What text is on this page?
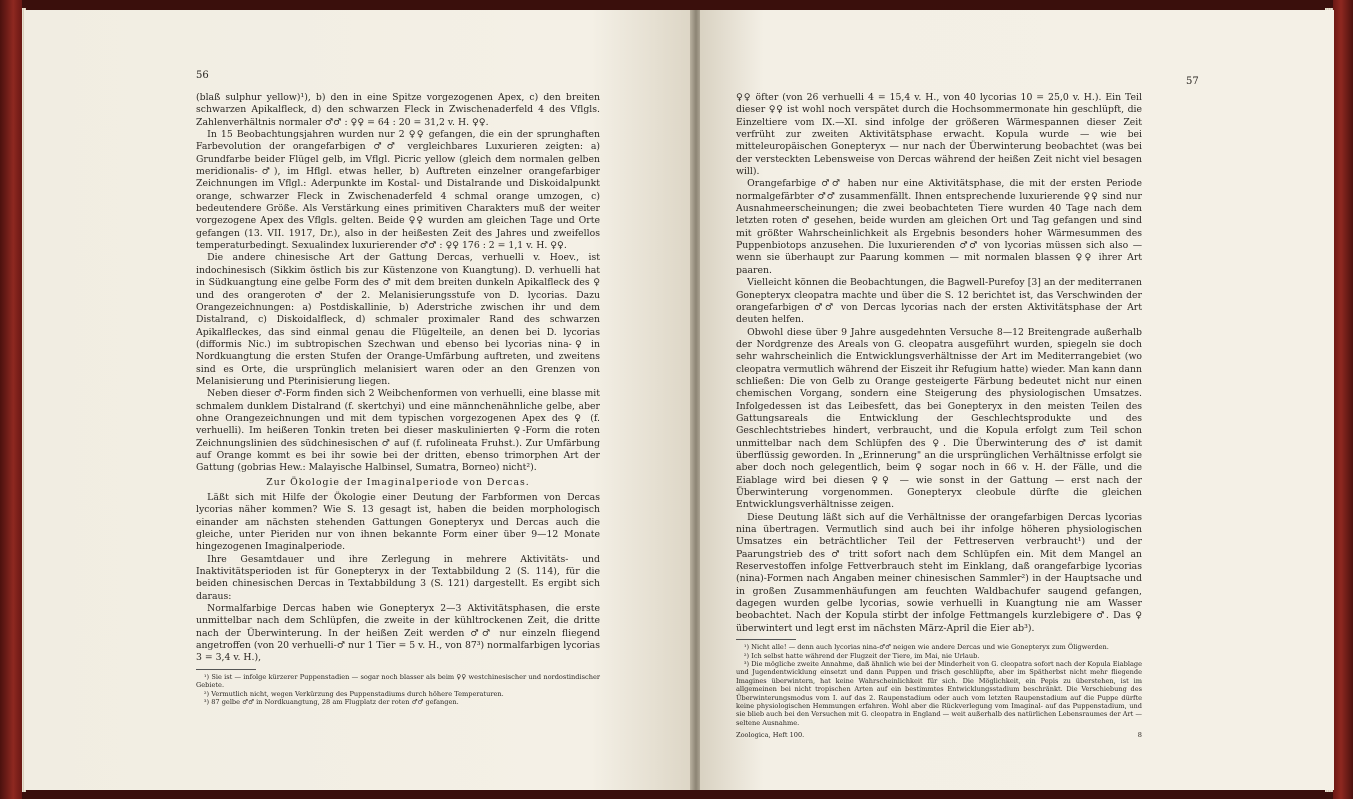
56

(blaß sulphur yellow)¹), b) den in eine Spitze vorgezogenen Apex, c) den breiten schwarzen Apikalfleck, d) den schwarzen Fleck in Zwischenaderfeld 4 des Vflgls. Zahlenverhältnis normaler ♂♂ : ♀♀ = 64 : 20 = 31,2 v. H. ♀♀.

In 15 Beobachtungsjahren wurden nur 2 ♀♀ gefangen, die ein der sprunghaften Farbevolution der orangefarbigen ♂♂ vergleichbares Luxurieren zeigten: a) Grundfarbe beider Flügel gelb, im Vflgl. Picric yellow (gleich dem normalen gelben meridionalis-♂), im Hflgl. etwas heller, b) Auftreten einzelner orangefarbiger Zeichnungen im Vflgl.: Aderpunkte im Kostal- und Distalrande und Diskoidalpunkt orange, schwarzer Fleck in Zwischenaderfeld 4 schmal orange umzogen, c) bedeutendere Größe. Als Verstärkung eines primitiven Charakters muß der weiter vorgezogene Apex des Vflgls. gelten. Beide ♀♀ wurden am gleichen Tage und Orte gefangen (13. VII. 1917, Dr.), also in der heißesten Zeit des Jahres und zweifellos temperaturbedingt. Sexualindex luxurierender ♂♂ : ♀♀ 176 : 2 = 1,1 v. H. ♀♀.

Die andere chinesische Art der Gattung Dercas, verhuelli v. Hoev., ist indochinesisch (Sikkim östlich bis zur Küstenzone von Kuangtung). D. verhuelli hat in Südkuangtung eine gelbe Form des ♂ mit dem breiten dunkeln Apikalfleck des ♀ und des orangeroten ♂ der 2. Melanisierungsstufe von D. lycorias. Dazu Orangezeichnungen: a) Postdiskallinie, b) Aderstriche zwischen ihr und dem Distalrand, c) Diskoidalfleck, d) schmaler proximaler Rand des schwarzen Apikalfleckes, das sind einmal genau die Flügelteile, an denen bei D. lycorias (difformis Nic.) im subtropischen Szechwan und ebenso bei lycorias nina-♀ in Nordkuangtung die ersten Stufen der Orange-Umfärbung auftreten, und zweitens sind es Orte, die ursprünglich melanisiert waren oder an den Grenzen von Melanisierung und Pterinisierung liegen.

Neben dieser ♂-Form finden sich 2 Weibchenformen von verhuelli, eine blasse mit schmalem dunklem Distalrand (f. skertchyi) und eine männchenähnliche gelbe, aber ohne Orangezeichnungen und mit dem typischen vorgezogenen Apex des ♀ (f. verhuelli). Im heißeren Tonkin treten bei dieser maskulinierten ♀-Form die roten Zeichnungslinien des südchinesischen ♂ auf (f. rufolineata Fruhst.). Zur Umfärbung auf Orange kommt es bei ihr sowie bei der dritten, ebenso trimorphen Art der Gattung (gobrias Hew.: Malayische Halbinsel, Sumatra, Borneo) nicht²).

Zur Ökologie der Imaginalperiode von Dercas.

Läßt sich mit Hilfe der Ökologie einer Deutung der Farbformen von Dercas lycorias näher kommen? Wie S. 13 gesagt ist, haben die beiden morphologisch einander am nächsten stehenden Gattungen Gonepteryx und Dercas auch die gleiche, unter Pieriden nur von ihnen bekannte Form einer über 9—12 Monate hingezogenen Imaginalperiode.

Ihre Gesamtdauer und ihre Zerlegung in mehrere Aktivitäts- und Inaktivitätsperioden ist für Gonepteryx in der Textabbildung 2 (S. 114), für die beiden chinesischen Dercas in Textabbildung 3 (S. 121) dargestellt. Es ergibt sich daraus:

Normalfarbige Dercas haben wie Gonepteryx 2—3 Aktivitätsphasen, die erste unmittelbar nach dem Schlüpfen, die zweite in der kühltrockenen Zeit, die dritte nach der Überwinterung. In der heißen Zeit werden ♂♂ nur einzeln fliegend angetroffen (von 20 verhuelli-♂ nur 1 Tier = 5 v. H., von 87³) normalfarbigen lycorias 3 = 3,4 v. H.),

¹) Sie ist — infolge kürzerer Puppenstadien — sogar noch blasser als beim ♀♀ westchinesischer und nordostindischer Gebiete.

²) Vermutlich nicht, wegen Verkürzung des Puppenstadiums durch höhere Temperaturen.

³) 87 gelbe ♂♂ in Nordkuangtung, 28 am Flugplatz der roten ♂♂ gefangen.

57

♀♀ öfter (von 26 verhuelli 4 = 15,4 v. H., von 40 lycorias 10 = 25,0 v. H.). Ein Teil dieser ♀♀ ist wohl noch verspätet durch die Hochsommermonate hin geschlüpft, die Einzeltiere vom IX.—XI. sind infolge der größeren Wärmespannen dieser Zeit verfrüht zur zweiten Aktivitätsphase erwacht. Kopula wurde — wie bei mitteleuropäischen Gonepteryx — nur nach der Überwinterung beobachtet (was bei der versteckten Lebensweise von Dercas während der heißen Zeit nicht viel besagen will).

Orangefarbige ♂♂ haben nur eine Aktivitätsphase, die mit der ersten Periode normalgefärbter ♂♂ zusammenfällt. Ihnen entsprechende luxurierende ♀♀ sind nur Ausnahmeerscheinungen; die zwei beobachteten Tiere wurden 40 Tage nach dem letzten roten ♂ gesehen, beide wurden am gleichen Ort und Tag gefangen und sind mit größter Wahrscheinlichkeit als Ergebnis besonders hoher Wärmesummen des Puppenbiotops anzusehen. Die luxurierenden ♂♂ von lycorias müssen sich also — wenn sie überhaupt zur Paarung kommen — mit normalen blassen ♀♀ ihrer Art paaren.

Vielleicht können die Beobachtungen, die Bagwell-Purefoy [3] an der mediterranen Gonepteryx cleopatra machte und über die S. 12 berichtet ist, das Verschwinden der orangefarbigen ♂♂ von Dercas lycorias nach der ersten Aktivitätsphase der Art deuten helfen.

Obwohl diese über 9 Jahre ausgedehnten Versuche 8—12 Breitengrade außerhalb der Nordgrenze des Areals von G. cleopatra ausgeführt wurden, spiegeln sie doch sehr wahrscheinlich die Entwicklungsverhältnisse der Art im Mediterrangebiet (wo cleopatra vermutlich während der Eiszeit ihr Refugium hatte) wieder. Man kann dann schließen: Die von Gelb zu Orange gesteigerte Färbung bedeutet nicht nur einen chemischen Vorgang, sondern eine Steigerung des physiologischen Umsatzes. Infolgedessen ist das Leibesfett, das bei Gonepteryx in den meisten Teilen des Gattungsareals die Entwicklung der Geschlechtsprodukte und des Geschlechtstriebes hindert, verbraucht, und die Kopula erfolgt zum Teil schon unmittelbar nach dem Schlüpfen des ♀. Die Überwinterung des ♂ ist damit überflüssig geworden. In „Erinnerung" an die ursprünglichen Verhältnisse erfolgt sie aber doch noch gelegentlich, beim ♀ sogar noch in 66 v. H. der Fälle, und die Eiablage wird bei diesen ♀♀ — wie sonst in der Gattung — erst nach der Überwinterung vorgenommen. Gonepteryx cleobule dürfte die gleichen Entwicklungsverhältnisse zeigen.

Diese Deutung läßt sich auf die Verhältnisse der orangefarbigen Dercas lycorias nina übertragen. Vermutlich sind auch bei ihr infolge höheren physiologischen Umsatzes ein beträchtlicher Teil der Fettreserven verbraucht¹) und der Paarungstrieb des ♂ tritt sofort nach dem Schlüpfen ein. Mit dem Mangel an Reservestoffen infolge Fettverbrauch steht im Einklang, daß orangefarbige lycorias (nina)-Formen nach Angaben meiner chinesischen Sammler²) in der Hauptsache und in großen Zusammenhäufungen am feuchten Waldbachufer saugend gefangen, dagegen wurden gelbe lycorias, sowie verhuelli in Kuangtung nie am Wasser beobachtet. Nach der Kopula stirbt der infolge Fettmangels kurzlebigere ♂. Das ♀ überwintert und legt erst im nächsten März-April die Eier ab³).

¹) Nicht alle! — denn auch lycorias nina-♂♂ neigen wie andere Dercas und wie Gonepteryx zum Öligwerden.

²) Ich selbst hatte während der Flugzeit der Tiere, im Mai, nie Urlaub.

³) Die mögliche zweite Annahme, daß ähnlich wie bei der Minderheit von G. cleopatra sofort nach der Kopula Eiablage und Jugendentwicklung einsetzt und dann Puppen und frisch geschlüpfte, aber im Spätherbst nicht mehr fliegende Imagines überwintern, hat keine Wahrscheinlichkeit für sich. Die Möglichkeit, ein Pepis zu überstehen, ist im allgemeinen bei nicht tropischen Arten auf ein bestimmtes Entwicklungsstadium beschränkt. Die Verschiebung des Überwinterungsmodus vom I. auf das 2. Raupenstadium oder auch vom letzten Raupenstadium auf die Puppe dürfte keine physiologischen Hemmungen erfahren. Wohl aber die Rückverlegung vom Imaginal- auf das Puppenstadium, und sie blieb auch bei den Versuchen mit G. cleopatra in England — weit außerhalb des natürlichen Lebensraumes der Art — seltene Ausnahme.

Zoologica, Heft 100.	8
